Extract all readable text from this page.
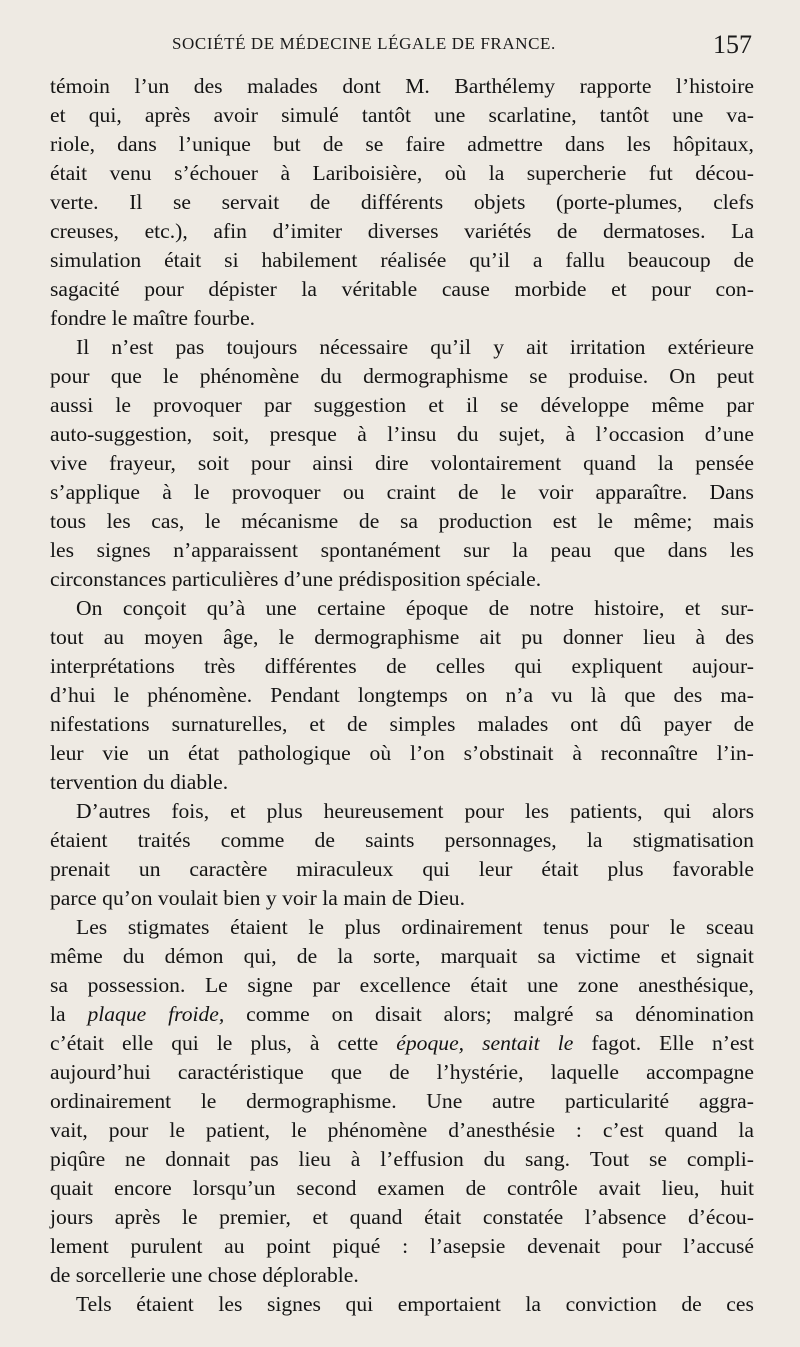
SOCIÉTÉ DE MÉDECINE LÉGALE DE FRANCE.	157
témoin l’un des malades dont M. Barthélemy rapporte l’histoire
et qui, après avoir simulé tantôt une scarlatine, tantôt une va-
riole, dans l’unique but de se faire admettre dans les hôpitaux,
était venu s’échouer à Lariboisière, où la supercherie fut décou-
verte. Il se servait de différents objets (porte-plumes, clefs
creuses, etc.), afin d’imiter diverses variétés de dermatoses. La
simulation était si habilement réalisée qu’il a fallu beaucoup de
sagacité pour dépister la véritable cause morbide et pour con-
fondre le maître fourbe.
Il n’est pas toujours nécessaire qu’il y ait irritation extérieure
pour que le phénomène du dermographisme se produise. On peut
aussi le provoquer par suggestion et il se développe même par
auto-suggestion, soit, presque à l’insu du sujet, à l’occasion d’une
vive frayeur, soit pour ainsi dire volontairement quand la pensée
s’applique à le provoquer ou craint de le voir apparaître. Dans
tous les cas, le mécanisme de sa production est le même; mais
les signes n’apparaissent spontanément sur la peau que dans les
circonstances particulières d’une prédisposition spéciale.
On conçoit qu’à une certaine époque de notre histoire, et sur-
tout au moyen âge, le dermographisme ait pu donner lieu à des
interprétations très différentes de celles qui expliquent aujour-
d’hui le phénomène. Pendant longtemps on n’a vu là que des ma-
nifestations surnaturelles, et de simples malades ont dû payer de
leur vie un état pathologique où l’on s’obstinait à reconnaître l’in-
tervention du diable.
D’autres fois, et plus heureusement pour les patients, qui alors
étaient traités comme de saints personnages, la stigmatisation
prenait un caractère miraculeux qui leur était plus favorable
parce qu’on voulait bien y voir la main de Dieu.
Les stigmates étaient le plus ordinairement tenus pour le sceau
même du démon qui, de la sorte, marquait sa victime et signait
sa possession. Le signe par excellence était une zone anesthésique,
la plaque froide, comme on disait alors; malgré sa dénomination
c’était elle qui le plus, à cette époque, sentait le fagot. Elle n’est
aujourd’hui caractéristique que de l’hystérie, laquelle accompagne
ordinairement le dermographisme. Une autre particularité aggra-
vait, pour le patient, le phénomène d’anesthésie : c’est quand la
piqûre ne donnait pas lieu à l’effusion du sang. Tout se compli-
quait encore lorsqu’un second examen de contrôle avait lieu, huit
jours après le premier, et quand était constatée l’absence d’écou-
lement purulent au point piqué : l’asepsie devenait pour l’accusé
de sorcellerie une chose déplorable.
Tels étaient les signes qui emportaient la conviction de ces
